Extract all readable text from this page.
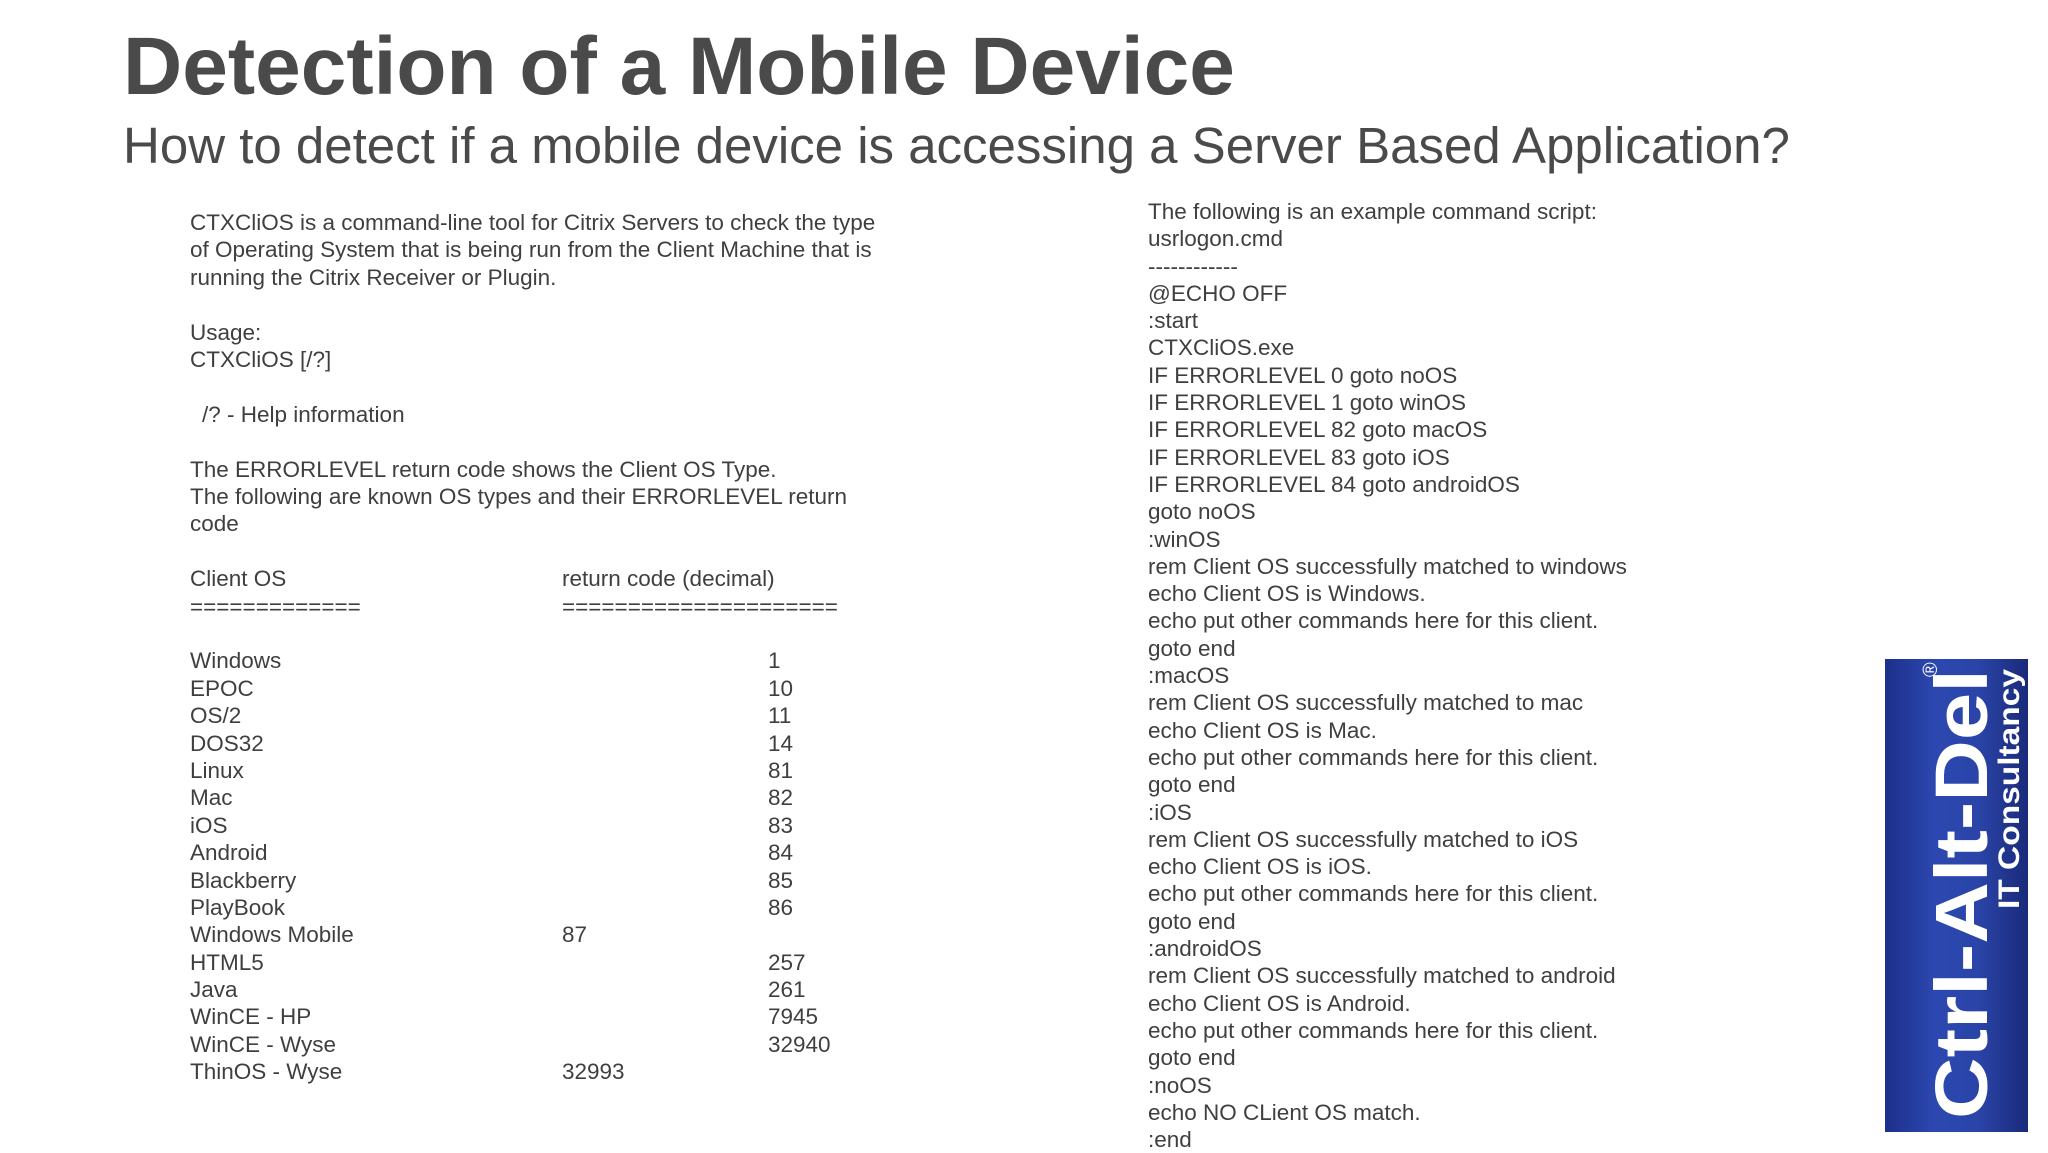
Detection of a Mobile Device
How to detect if a mobile device is accessing a Server Based Application?
CTXCliOS is a command-line tool for Citrix Servers to check the type
of Operating System that is being run from the Client Machine that is
running the Citrix Receiver or Plugin.
Usage:
CTXCliOS [/?]
/? - Help information
The ERRORLEVEL return code shows the Client OS Type.
The following are known OS types and their ERRORLEVEL return
code
Client OS	return code (decimal)
=============	=====================
Windows	1
EPOC	10
OS/2	11
DOS32	14
Linux	81
Mac	82
iOS	83
Android	84
Blackberry	85
PlayBook	86
Windows Mobile	87
HTML5	257
Java	261
WinCE - HP	7945
WinCE - Wyse	32940
ThinOS - Wyse	32993
The following is an example command script:
usrlogon.cmd
------------
@ECHO OFF
:start
CTXCliOS.exe
IF ERRORLEVEL 0 goto noOS
IF ERRORLEVEL 1 goto winOS
IF ERRORLEVEL 82 goto macOS
IF ERRORLEVEL 83 goto iOS
IF ERRORLEVEL 84 goto androidOS
goto noOS
:winOS
rem Client OS successfully matched to windows
echo Client OS is Windows.
echo put other commands here for this client.
goto end
:macOS
rem Client OS successfully matched to mac
echo Client OS is Mac.
echo put other commands here for this client.
goto end
:iOS
rem Client OS successfully matched to iOS
echo Client OS is iOS.
echo put other commands here for this client.
goto end
:androidOS
rem Client OS successfully matched to android
echo Client OS is Android.
echo put other commands here for this client.
goto end
:noOS
echo NO CLient OS match.
:end
Ctrl-Alt-Del
IT Consultancy
®
